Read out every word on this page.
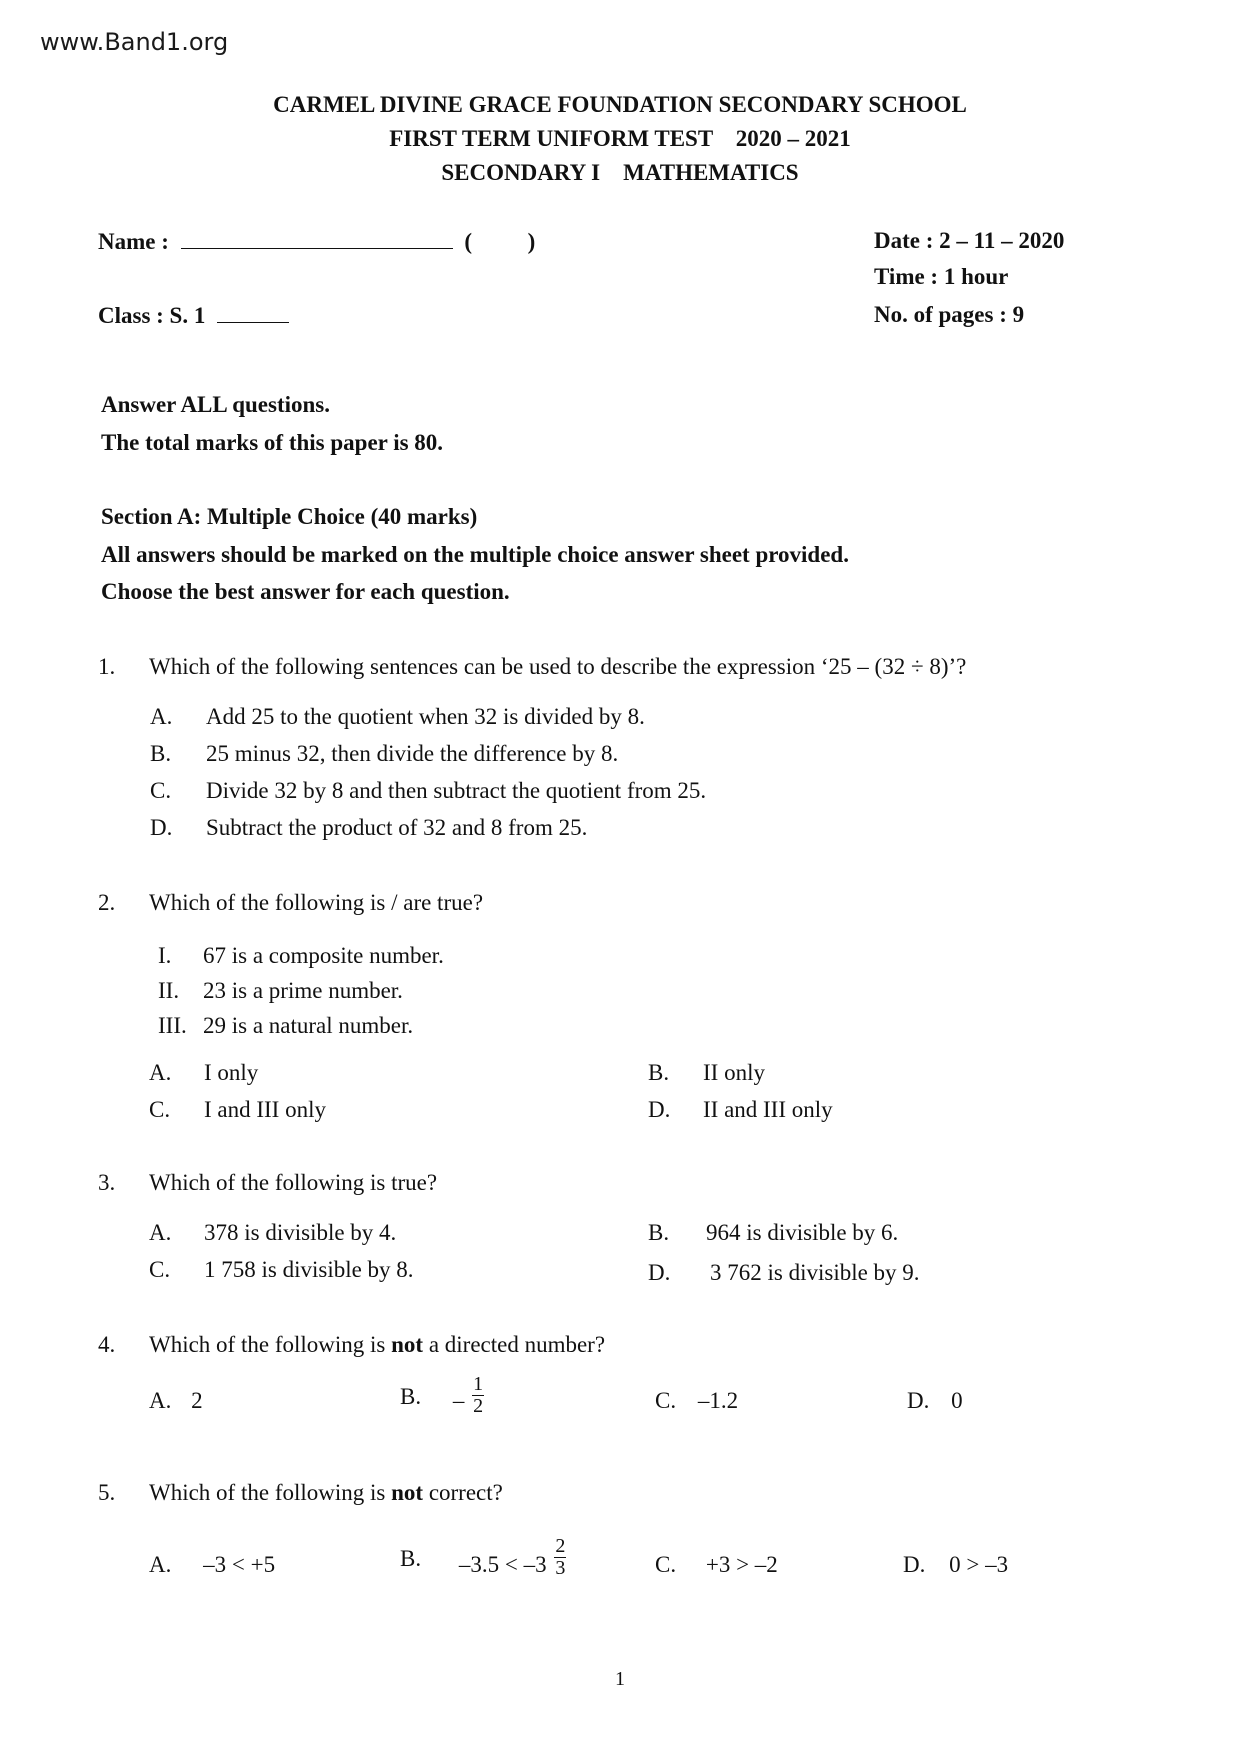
www.Band1.org
CARMEL DIVINE GRACE FOUNDATION SECONDARY SCHOOL
FIRST TERM UNIFORM TEST    2020 – 2021
SECONDARY I    MATHEMATICS
Name :	( )
Class : S. 1
Date : 2 – 11 – 2020
Time : 1 hour
No. of pages : 9
Answer ALL questions.
The total marks of this paper is 80.
Section A: Multiple Choice (40 marks)
All answers should be marked on the multiple choice answer sheet provided.
Choose the best answer for each question.
1. Which of the following sentences can be used to describe the expression ‘25 – (32 ÷ 8)’?
A. Add 25 to the quotient when 32 is divided by 8.
B. 25 minus 32, then divide the difference by 8.
C. Divide 32 by 8 and then subtract the quotient from 25.
D. Subtract the product of 32 and 8 from 25.
2. Which of the following is / are true?
I. 67 is a composite number.
II. 23 is a prime number.
III. 29 is a natural number.
A. I only	B. II only
C. I and III only	D. II and III only
3. Which of the following is true?
A. 378 is divisible by 4.	B. 964 is divisible by 6.
C. 1 758 is divisible by 8.	D. 3 762 is divisible by 9.
4. Which of the following is not a directed number?
A. 2	B. – $\frac{1}{2}$	C. –1.2	D. 0
5. Which of the following is not correct?
A. –3 < +5	B. $-3.5 < -3 \frac{2}{3}$	C. +3 > –2	D. 0 > –3
1
